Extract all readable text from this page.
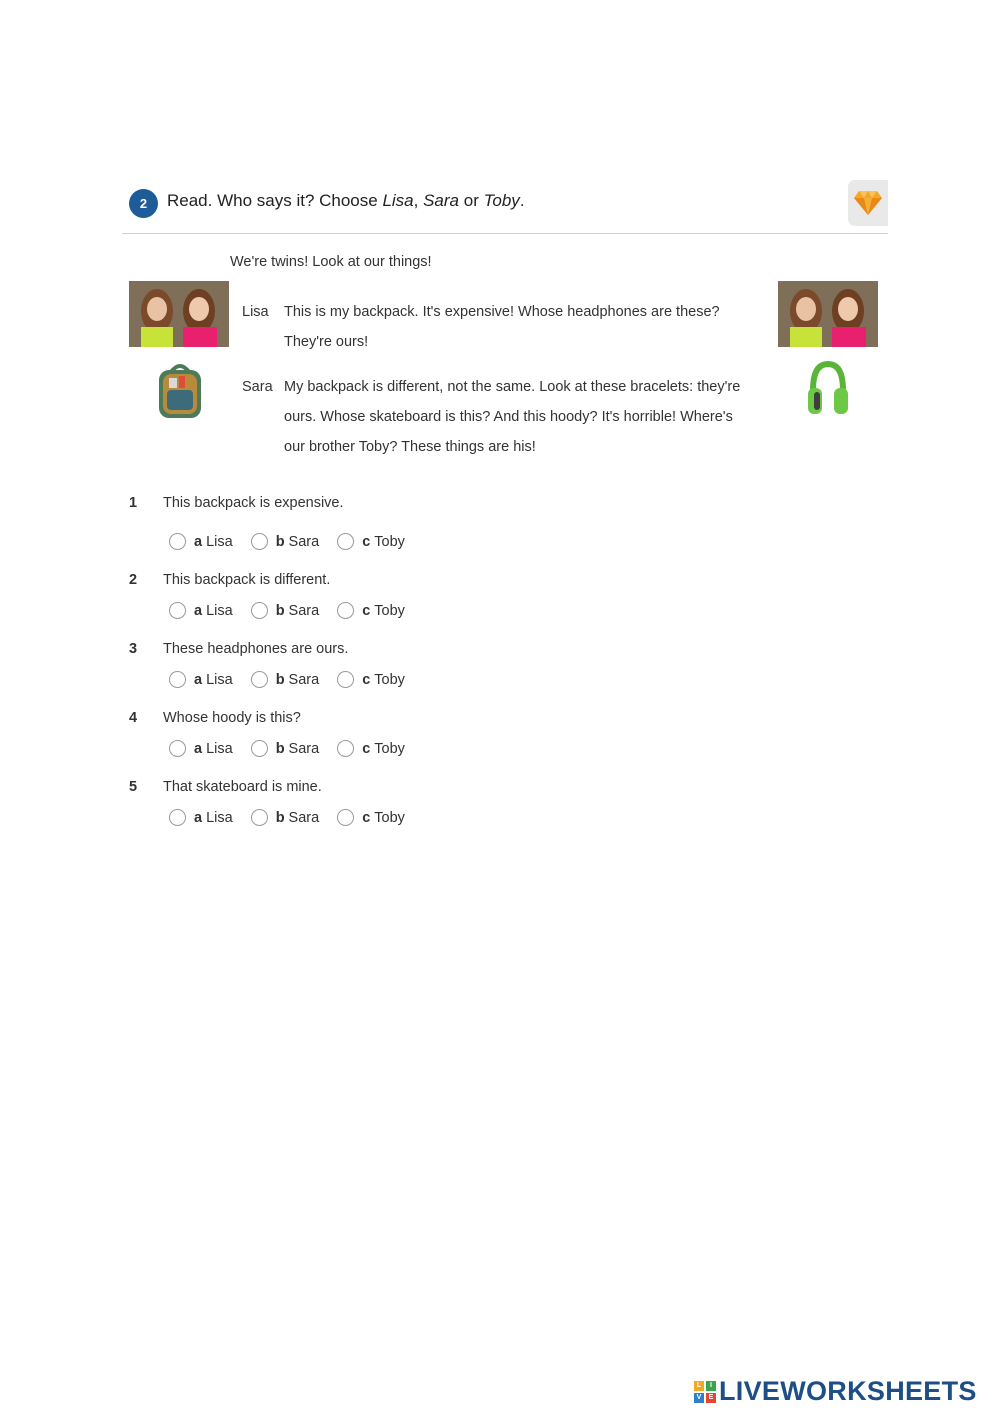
2 Read. Who says it? Choose Lisa, Sara or Toby.
We're twins! Look at our things!
Lisa This is my backpack. It's expensive! Whose headphones are these?
They're ours!
Sara My backpack is different, not the same. Look at these bracelets: they're
ours. Whose skateboard is this? And this hoody? It's horrible! Where's
our brother Toby? These things are his!
1 This backpack is expensive.
a Lisa	b Sara	c Toby
2 This backpack is different.
a Lisa	b Sara	c Toby
3 These headphones are ours.
a Lisa	b Sara	c Toby
4 Whose hoody is this?
a Lisa	b Sara	c Toby
5 That skateboard is mine.
a Lisa	b Sara	c Toby
L	I
V	E LIVEWORKSHEETS
